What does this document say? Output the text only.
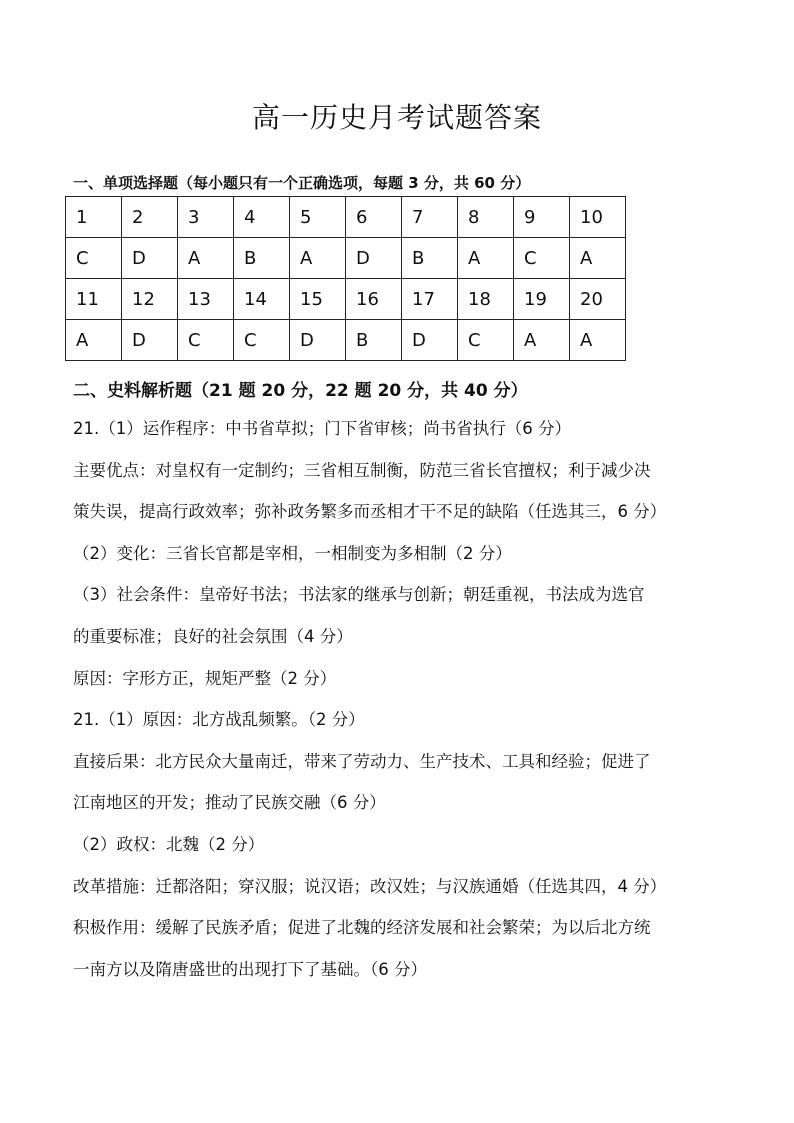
高一历史月考试题答案
一、单项选择题（每小题只有一个正确选项，每题 3 分，共 60 分）
1	2	3	4	5	6	7	8	9	10
C	D	A	B	A	D	B	A	C	A
11	12	13	14	15	16	17	18	19	20
A	D	C	C	D	B	D	C	A	A
二、史料解析题（21 题 20 分，22 题 20 分，共 40 分）

21.（1）运作程序：中书省草拟；门下省审核；尚书省执行（6 分）

主要优点：对皇权有一定制约；三省相互制衡，防范三省长官擅权；利于减少决

策失误，提高行政效率；弥补政务繁多而丞相才干不足的缺陷（任选其三，6 分）

（2）变化：三省长官都是宰相，一相制变为多相制（2 分）

（3）社会条件：皇帝好书法；书法家的继承与创新；朝廷重视，书法成为选官

的重要标准；良好的社会氛围（4 分）

原因：字形方正，规矩严整（2 分）

21.（1）原因：北方战乱频繁。（2 分）

直接后果：北方民众大量南迁，带来了劳动力、生产技术、工具和经验；促进了

江南地区的开发；推动了民族交融（6 分）

（2）政权：北魏（2 分）

改革措施：迁都洛阳；穿汉服；说汉语；改汉姓；与汉族通婚（任选其四，4 分）

积极作用：缓解了民族矛盾；促进了北魏的经济发展和社会繁荣；为以后北方统

一南方以及隋唐盛世的出现打下了基础。（6 分）
